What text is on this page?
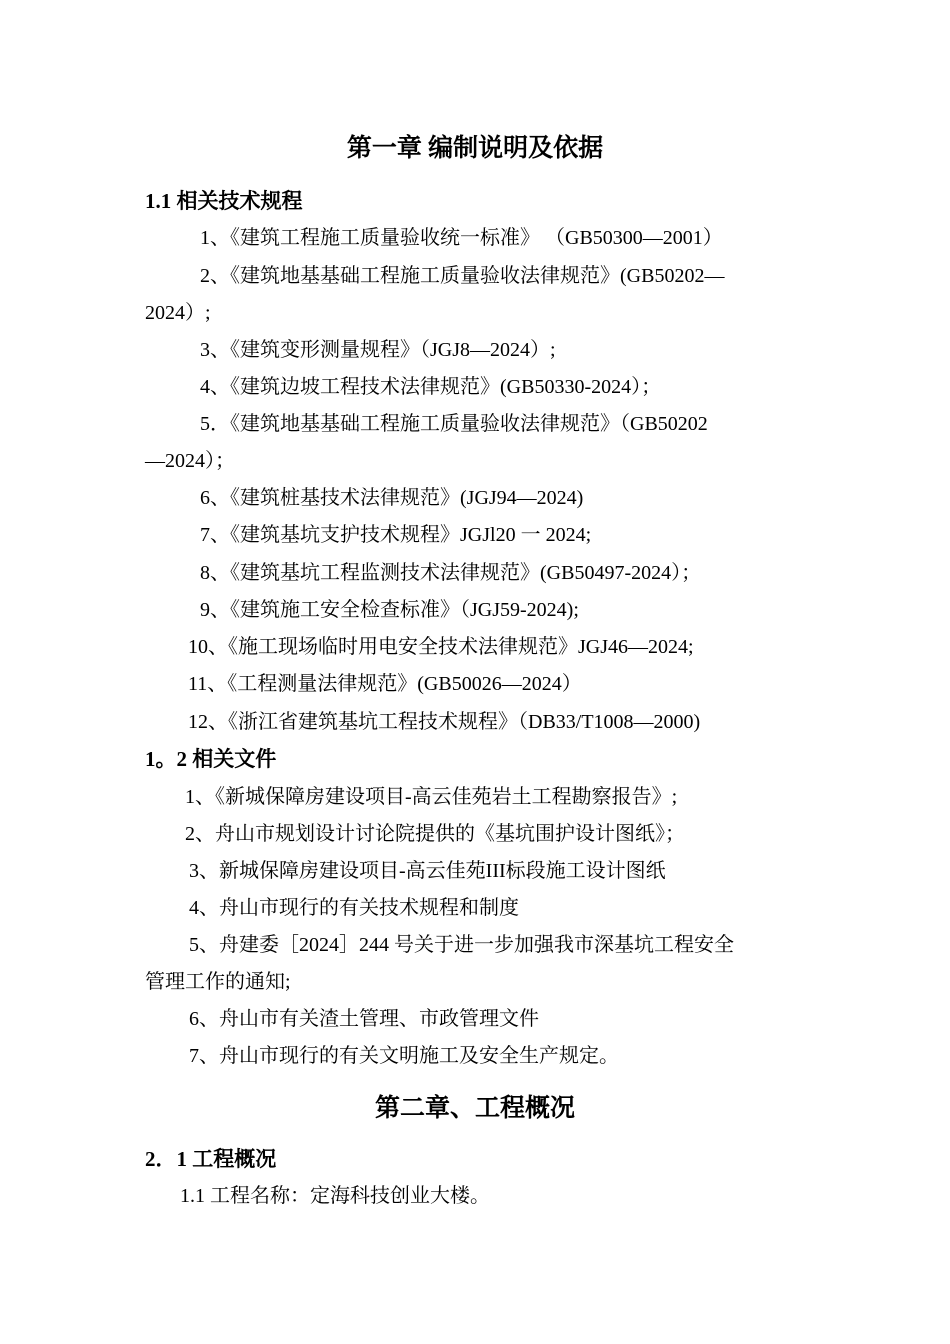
第一章 编制说明及依据
1.1 相关技术规程
1、《建筑工程施工质量验收统一标准》 （GB50300—2001）
2、《建筑地基基础工程施工质量验收法律规范》(GB50202—
2024）;
3、《建筑变形测量规程》（JGJ8—2024）;
4、《建筑边坡工程技术法律规范》(GB50330-2024）；
5．《建筑地基基础工程施工质量验收法律规范》（GB50202
—2024）；
6、《建筑桩基技术法律规范》(JGJ94—2024)
7、《建筑基坑支护技术规程》JGJl20 一 2024;
8、《建筑基坑工程监测技术法律规范》(GB50497-2024）；
9、《建筑施工安全检查标准》（JGJ59-2024);
10、《施工现场临时用电安全技术法律规范》JGJ46—2024;
11、《工程测量法律规范》(GB50026—2024）
12、《浙江省建筑基坑工程技术规程》（DB33/T1008—2000)
1。2 相关文件
1、《新城保障房建设项目-高云佳苑岩土工程勘察报告》;
2、舟山市规划设计讨论院提供的《基坑围护设计图纸》；
3、新城保障房建设项目-高云佳苑III标段施工设计图纸
4、舟山市现行的有关技术规程和制度
5、舟建委［2024］244 号关于进一步加强我市深基坑工程安全
管理工作的通知;
6、舟山市有关渣土管理、市政管理文件
7、舟山市现行的有关文明施工及安全生产规定。
第二章、工程概况
2．1 工程概况
1.1 工程名称：定海科技创业大楼。
